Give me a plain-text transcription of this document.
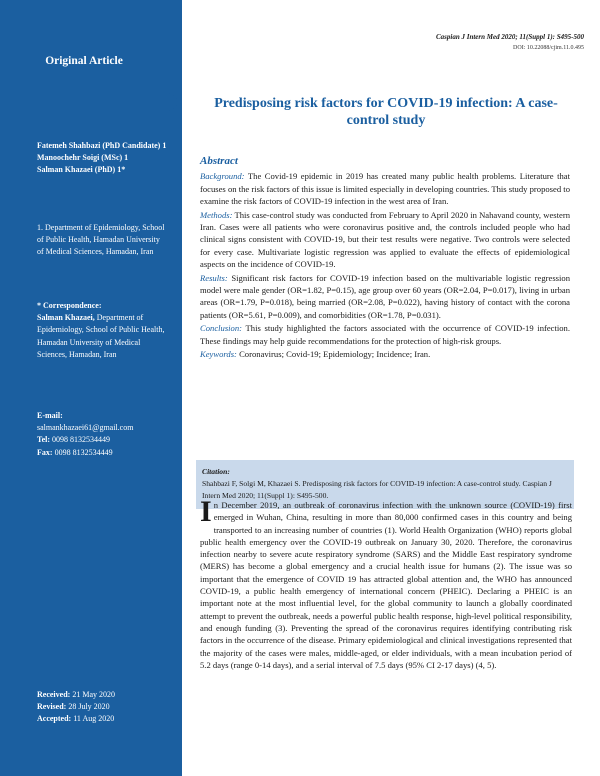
Original Article
Fatemeh Shahbazi (PhD Candidate) 1
Manoochehr Soigi (MSc) 1
Salman Khazaei (PhD) 1*
1. Department of Epidemiology, School of Public Health, Hamadan University of Medical Sciences, Hamadan, Iran
* Correspondence:
Salman Khazaei, Department of Epidemiology, School of Public Health, Hamadan University of Medical Sciences, Hamadan, Iran
E-mail:
salmankhazaei61@gmail.com
Tel: 0098 8132534449
Fax: 0098 8132534449
Received: 21 May 2020
Revised: 28 July 2020
Accepted: 11 Aug 2020
Caspian J Intern Med 2020; 11(Suppl 1): S495-500
DOI: 10.22088/cjim.11.0.495
Predisposing risk factors for COVID-19 infection: A case-control study
Abstract

Background: The Covid-19 epidemic in 2019 has created many public health problems. Literature that focuses on the risk factors of this issue is limited especially in developing countries. This study proposed to examine the risk factors of COVID-19 infection in the west area of Iran.

Methods: This case-control study was conducted from February to April 2020 in Nahavand county, western Iran. Cases were all patients who were coronavirus positive and, the controls included people who had clinical signs consistent with COVID-19, but their test results were negative. Two controls were selected for every case. Multivariate logistic regression was applied to evaluate the effects of epidemiological aspects on the incidence of COVID-19.

Results: Significant risk factors for COVID-19 infection based on the multivariable logistic regression model were male gender (OR=1.82, P=0.15), age group over 60 years (OR=2.04, P=0.017), living in urban areas (OR=1.79, P=0.018), being married (OR=2.08, P=0.022), having history of contact with the corona patients (OR=5.61, P=0.009), and comorbidities (OR=1.78, P=0.031).

Conclusion: This study highlighted the factors associated with the occurrence of COVID-19 infection. These findings may help guide recommendations for the protection of high-risk groups.

Keywords: Coronavirus; Covid-19; Epidemiology; Incidence; Iran.

Citation:
Shahbazi F, Solgi M, Khazaei S. Predisposing risk factors for COVID-19 infection: A case-control study. Caspian J Intern Med 2020; 11(Suppl 1): S495-500.
In December 2019, an outbreak of coronavirus infection with the unknown source (COVID-19) first emerged in Wuhan, China, resulting in more than 80,000 confirmed cases in this country and being transported to an increasing number of countries (1). World Health Organization (WHO) reports global public health emergency over the COVID-19 outbreak on January 30, 2020. Therefore, the coronavirus infection nearby to severe acute respiratory syndrome (SARS) and the Middle East respiratory syndrome (MERS) has become a global emergency and a crucial health issue for humans (2). The issue was so important that the emergence of COVID 19 has attracted global attention and, the WHO has announced COVID-19, a public health emergency of international concern (PHEIC). Declaring a PHEIC is an important note at the most influential level, for the global community to launch a globally coordinated attempt to prevent the outbreak, needs a powerful public health response, high-level political responsibility, and enough funding (3). Preventing the spread of the coronavirus requires identifying contributing risk factors in the occurrence of the disease. Primary epidemiological and clinical investigations represented that the majority of the cases were males, middle-aged, or elder individuals, with a mean incubation period of 5.2 days (range 0-14 days), and a serial interval of 7.5 days (95% CI 2-17 days) (4, 5).
